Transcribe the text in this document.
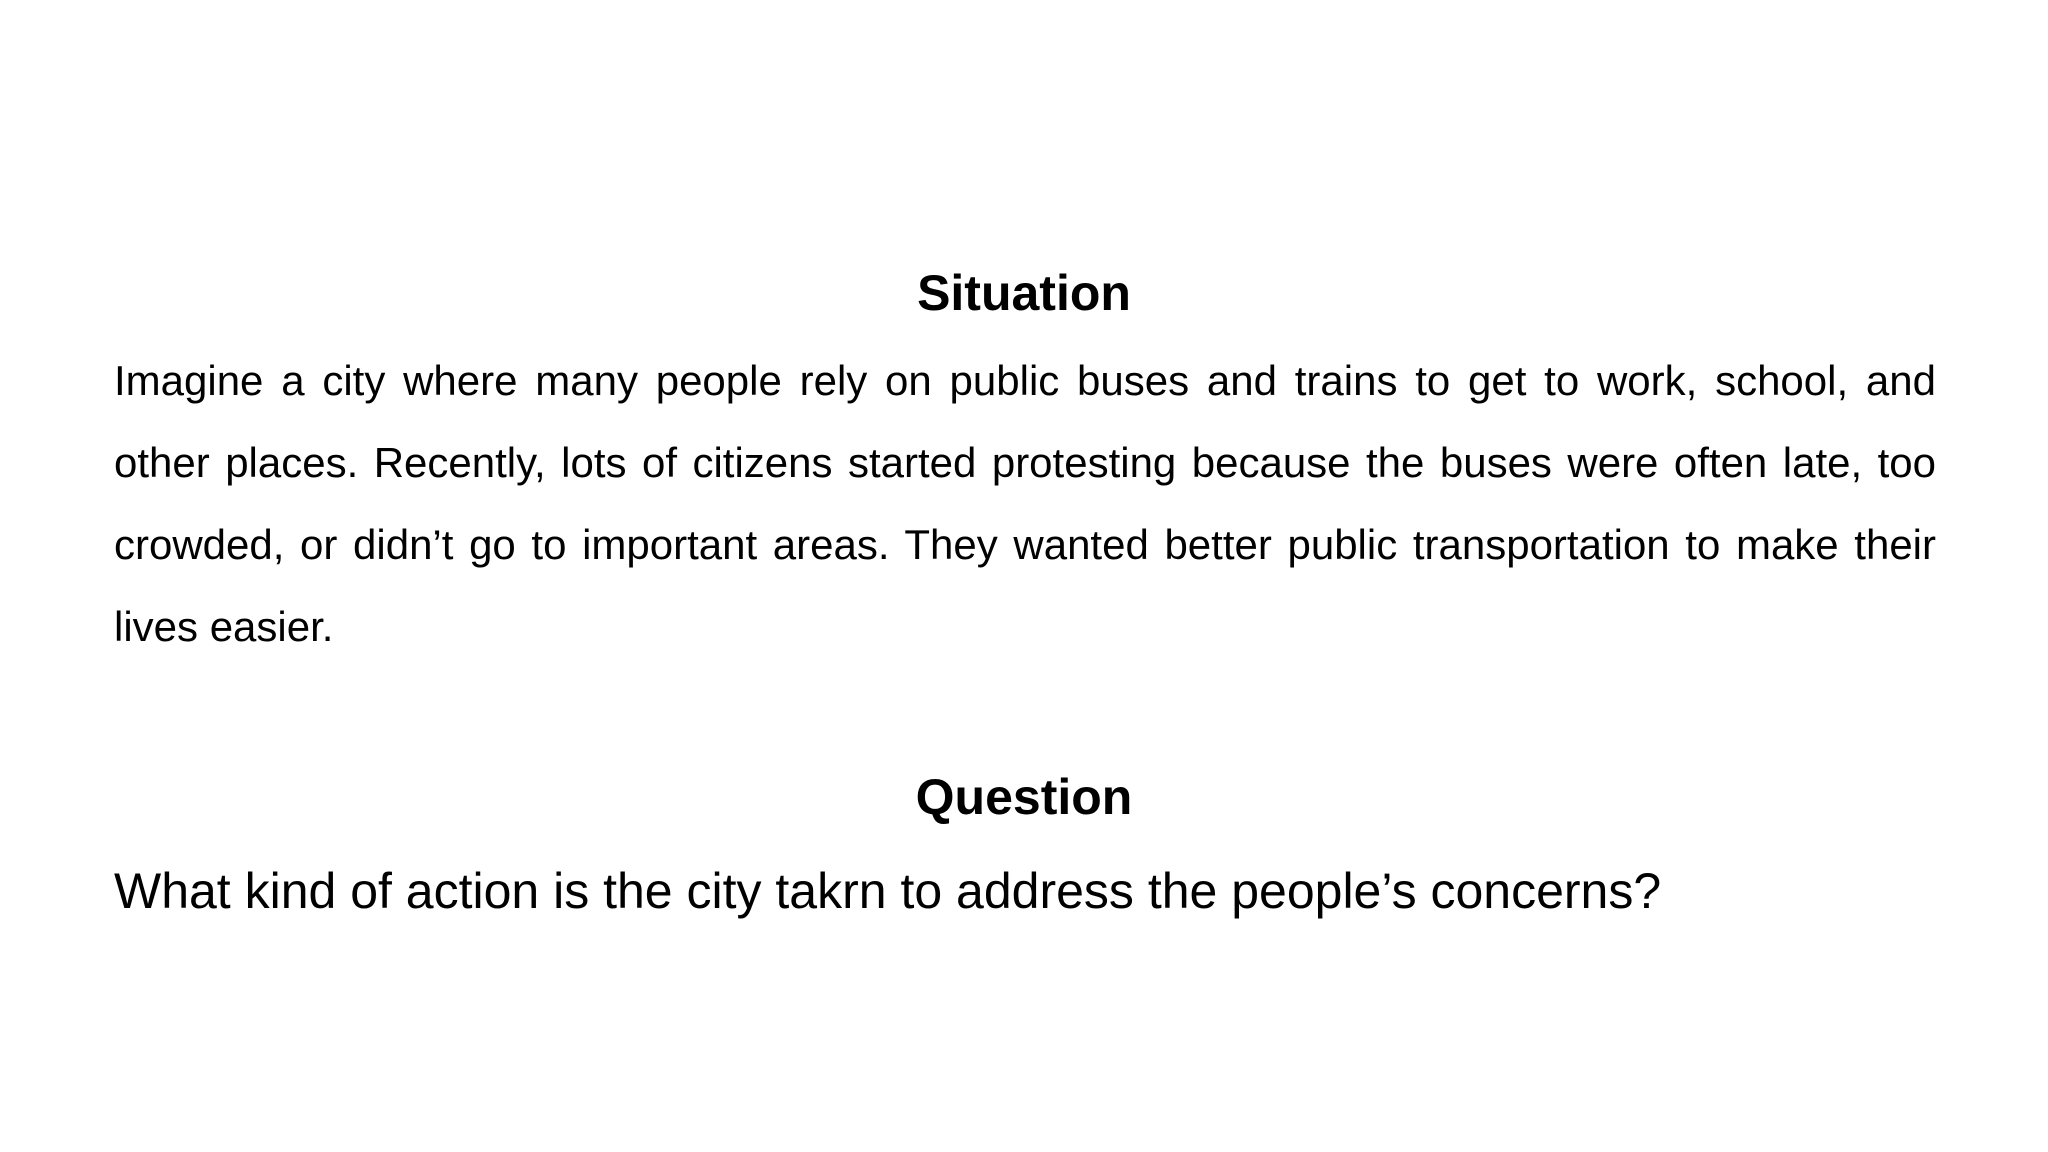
Situation

Imagine a city where many people rely on public buses and trains to get to work, school, and other places. Recently, lots of citizens started protesting because the buses were often late, too crowded, or didn’t go to important areas. They wanted better public transportation to make their lives easier.

Question

What kind of action is the city takrn to address the people’s concerns?
